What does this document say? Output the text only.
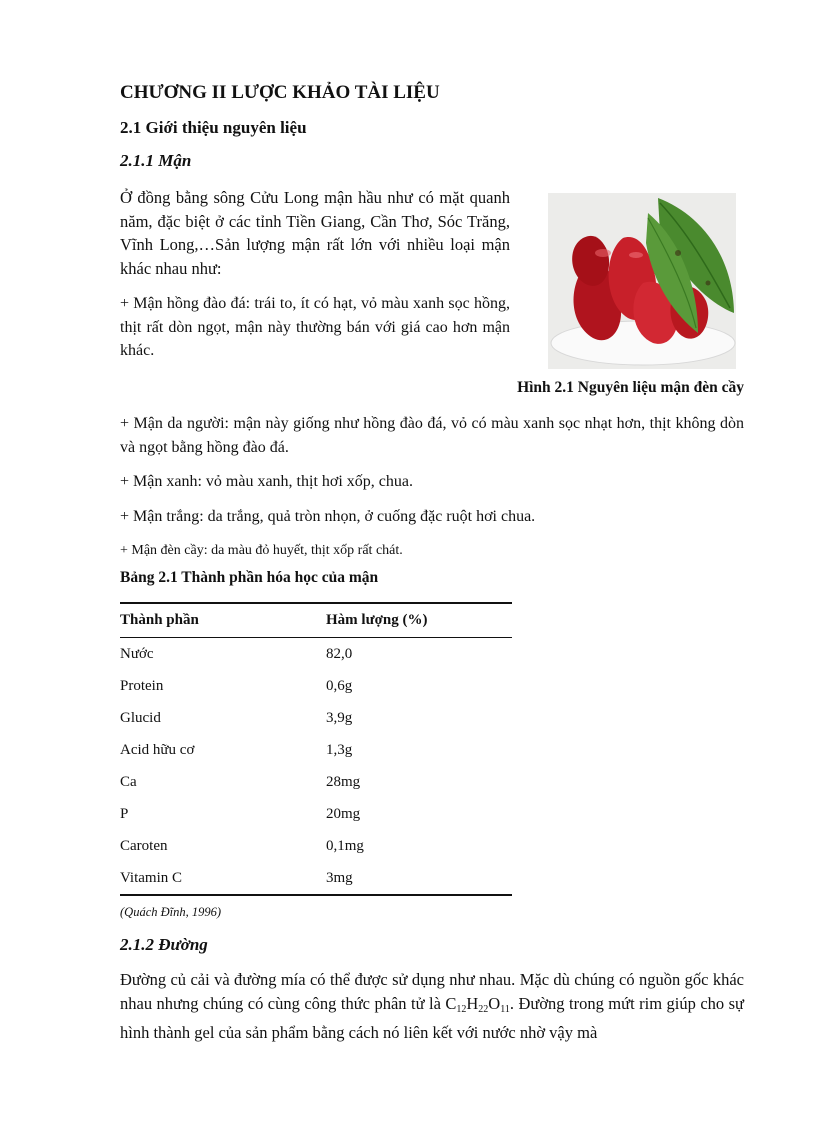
CHƯƠNG II LƯỢC KHẢO TÀI LIỆU
2.1 Giới thiệu nguyên liệu
2.1.1 Mận

Ở đồng bằng sông Cửu Long mận hầu như có mặt quanh năm, đặc biệt ở các tỉnh Tiền Giang, Cần Thơ, Sóc Trăng, Vĩnh Long,…Sản lượng mận rất lớn với nhiều loại mận khác nhau như:

+ Mận hồng đào đá: trái to, ít có hạt, vỏ màu xanh sọc hồng, thịt rất dòn ngọt, mận này thường bán với giá cao hơn mận khác.

Hình 2.1 Nguyên liệu mận đèn cầy

+ Mận da người: mận này giống như hồng đào đá, vỏ có màu xanh sọc nhạt hơn, thịt không dòn và ngọt bằng hồng đào đá.

+ Mận xanh: vỏ màu xanh, thịt hơi xốp, chua.

+ Mận trắng: da trắng, quả tròn nhọn, ở cuống đặc ruột hơi chua.

+ Mận đèn cầy: da màu đỏ huyết, thịt xốp rất chát.

Bảng 2.1 Thành phần hóa học của mận

Thành phần	Hàm lượng (%)
Nước	82,0
Protein	0,6g
Glucid	3,9g
Acid hữu cơ	1,3g
Ca	28mg
P	20mg
Caroten	0,1mg
Vitamin C	3mg

(Quách Đĩnh, 1996)

2.1.2 Đường

Đường củ cải và đường mía có thể được sử dụng như nhau. Mặc dù chúng có nguồn gốc khác nhau nhưng chúng có cùng công thức phân tử là $C_{12}H_{22}O_{11}$. Đường trong mứt rim giúp cho sự hình thành gel của sản phẩm bằng cách nó liên kết với nước nhờ vậy mà
